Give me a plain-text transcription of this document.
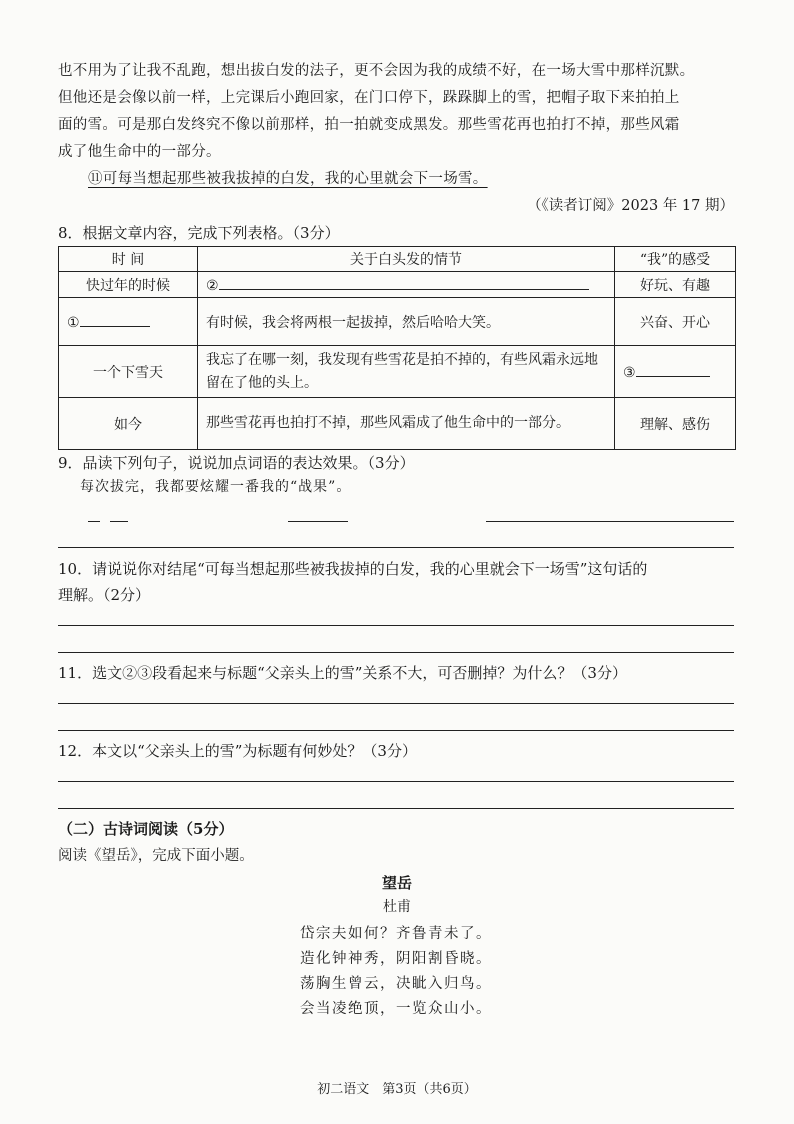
也不用为了让我不乱跑，想出拔白发的法子，更不会因为我的成绩不好，在一场大雪中那样沉默。
但他还是会像以前一样，上完课后小跑回家，在门口停下，跺跺脚上的雪，把帽子取下来拍拍上
面的雪。可是那白发终究不像以前那样，拍一拍就变成黑发。那些雪花再也拍打不掉，那些风霜
成了他生命中的一部分。
⑪可每当想起那些被我拔掉的白发，我的心里就会下一场雪。
（《读者订阅》2023 年 17 期）
8．根据文章内容，完成下列表格。（3分）
时 间	关于白头发的情节	“我”的感受
快过年的时候	②	好玩、有趣
①	有时候，我会将两根一起拔掉，然后哈哈大笑。	兴奋、开心
一个下雪天	我忘了在哪一刻，我发现有些雪花是拍不掉的，有些风霜永远地留在了他的头上。	③
如今	那些雪花再也拍打不掉，那些风霜成了他生命中的一部分。	理解、感伤
9．品读下列句子，说说加点词语的表达效果。（3分）
每次拔完，我都要炫耀一番我的“战果”。
10．请说说你对结尾“可每当想起那些被我拔掉的白发，我的心里就会下一场雪”这句话的
理解。（2分）
11．选文②③段看起来与标题“父亲头上的雪”关系不大，可否删掉？为什么？（3分）
12．本文以“父亲头上的雪”为标题有何妙处？（3分）
（二）古诗词阅读（5分）
阅读《望岳》，完成下面小题。
望岳
杜甫
岱宗夫如何？齐鲁青未了。
造化钟神秀，阴阳割昏晓。
荡胸生曾云，决眦入归鸟。
会当凌绝顶，一览众山小。
初二语文　第3页（共6页）
